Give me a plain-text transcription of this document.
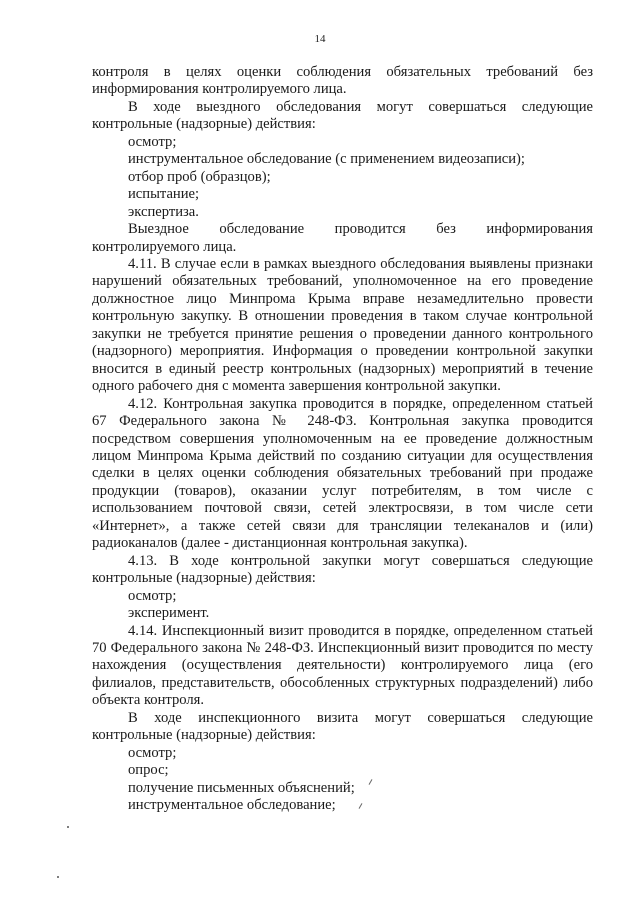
14

контроля в целях оценки соблюдения обязательных требований без информирования контролируемого лица.

В ходе выездного обследования могут совершаться следующие контрольные (надзорные) действия:

осмотр;

инструментальное обследование (с применением видеозаписи);

отбор проб (образцов);

испытание;

экспертиза.

Выездное обследование проводится без информирования контролируемого лица.

4.11. В случае если в рамках выездного обследования выявлены признаки нарушений обязательных требований, уполномоченное на его проведение должностное лицо Минпрома Крыма вправе незамедлительно провести контрольную закупку. В отношении проведения в таком случае контрольной закупки не требуется принятие решения о проведении данного контрольного (надзорного) мероприятия. Информация о проведении контрольной закупки вносится в единый реестр контрольных (надзорных) мероприятий в течение одного рабочего дня с момента завершения контрольной закупки.

4.12. Контрольная закупка проводится в порядке, определенном статьей 67 Федерального закона № 248-ФЗ. Контрольная закупка проводится посредством совершения уполномоченным на ее проведение должностным лицом Минпрома Крыма действий по созданию ситуации для осуществления сделки в целях оценки соблюдения обязательных требований при продаже продукции (товаров), оказании услуг потребителям, в том числе с использованием почтовой связи, сетей электросвязи, в том числе сети «Интернет», а также сетей связи для трансляции телеканалов и (или) радиоканалов (далее - дистанционная контрольная закупка).

4.13. В ходе контрольной закупки могут совершаться следующие контрольные (надзорные) действия:

осмотр;

эксперимент.

4.14. Инспекционный визит проводится в порядке, определенном статьей 70 Федерального закона № 248-ФЗ. Инспекционный визит проводится по месту нахождения (осуществления деятельности) контролируемого лица (его филиалов, представительств, обособленных структурных подразделений) либо объекта контроля.

В ходе инспекционного визита могут совершаться следующие контрольные (надзорные) действия:

осмотр;

опрос;

получение письменных объяснений;

инструментальное обследование;
